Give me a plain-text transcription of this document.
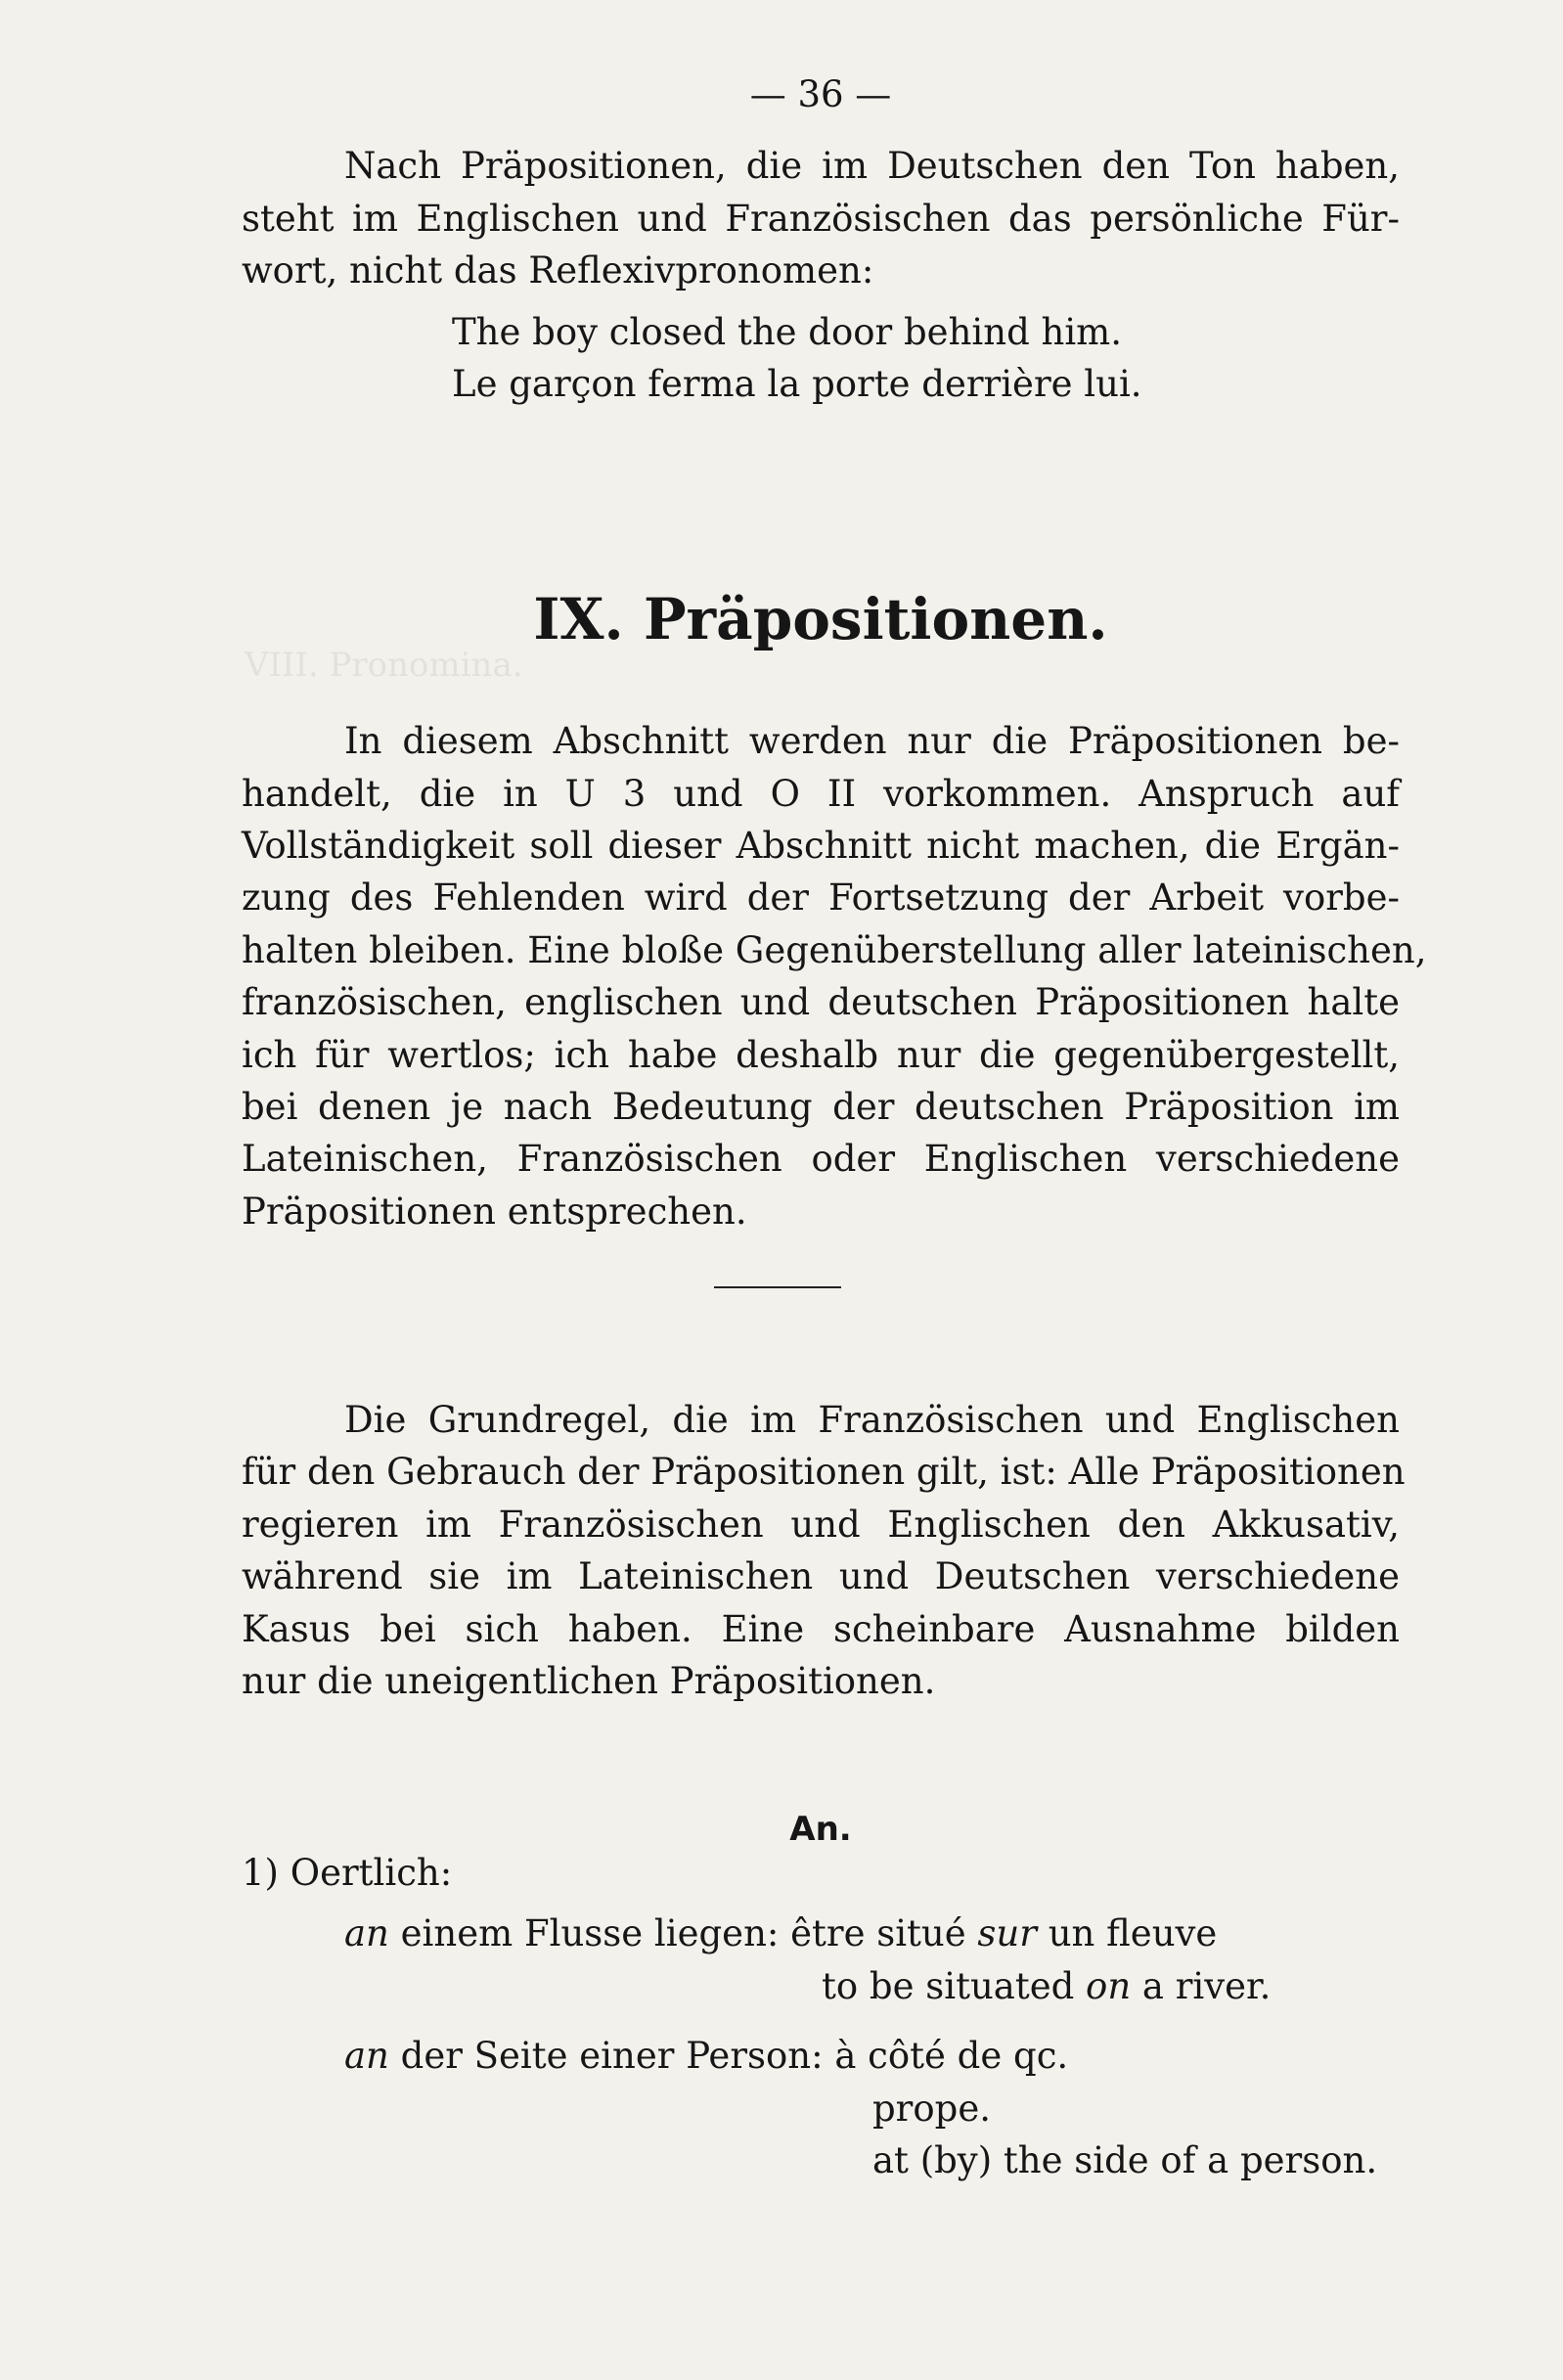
VIII. Pronomina.
— 36 —
Nach Präpositionen, die im Deutschen den Ton haben,
steht im Englischen und Französischen das persönliche Für-
wort, nicht das Reflexivpronomen:
The boy closed the door behind him.
Le garçon ferma la porte derrière lui.
IX. Präpositionen.
In diesem Abschnitt werden nur die Präpositionen be-
handelt, die in U 3 und O II vorkommen. Anspruch auf
Vollständigkeit soll dieser Abschnitt nicht machen, die Ergän-
zung des Fehlenden wird der Fortsetzung der Arbeit vorbe-
halten bleiben. Eine bloße Gegenüberstellung aller lateinischen,
französischen, englischen und deutschen Präpositionen halte
ich für wertlos; ich habe deshalb nur die gegenübergestellt,
bei denen je nach Bedeutung der deutschen Präposition im
Lateinischen, Französischen oder Englischen verschiedene
Präpositionen entsprechen.
Die Grundregel, die im Französischen und Englischen
für den Gebrauch der Präpositionen gilt, ist: Alle Präpositionen
regieren im Französischen und Englischen den Akkusativ,
während sie im Lateinischen und Deutschen verschiedene
Kasus bei sich haben. Eine scheinbare Ausnahme bilden
nur die uneigentlichen Präpositionen.
An.
1) Oertlich:
an einem Flusse liegen: être situé sur un fleuve
to be situated on a river.
an der Seite einer Person: à côté de qc.
prope.
at (by) the side of a person.
